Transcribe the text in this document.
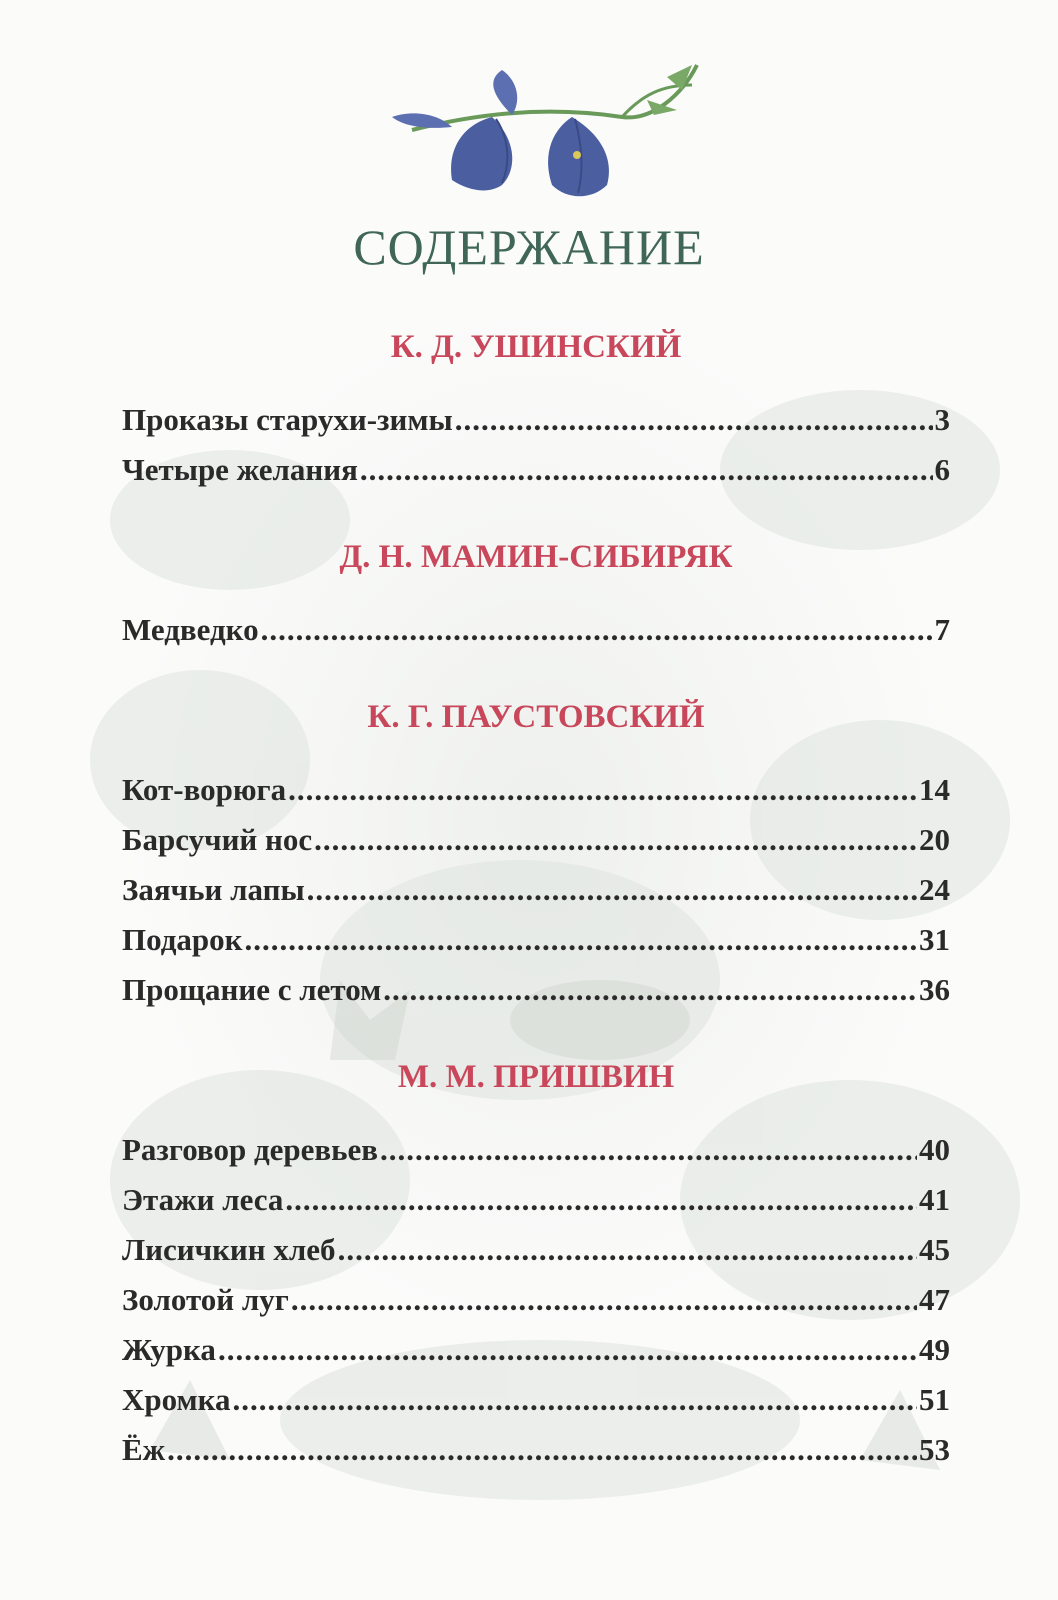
СОДЕРЖАНИЕ
К. Д. УШИНСКИЙ
Проказы старухи-зимы .....	3
Четыре желания .....	6
Д. Н. МАМИН-СИБИРЯК
Медведко .....	7
К. Г. ПАУСТОВСКИЙ
Кот-ворюга .....	14
Барсучий нос .....	20
Заячьи лапы .....	24
Подарок .....	31
Прощание с летом .....	36
М. М. ПРИШВИН
Разговор деревьев .....	40
Этажи леса .....	41
Лисичкин хлеб .....	45
Золотой луг .....	47
Журка .....	49
Хромка .....	51
Ёж .....	53
